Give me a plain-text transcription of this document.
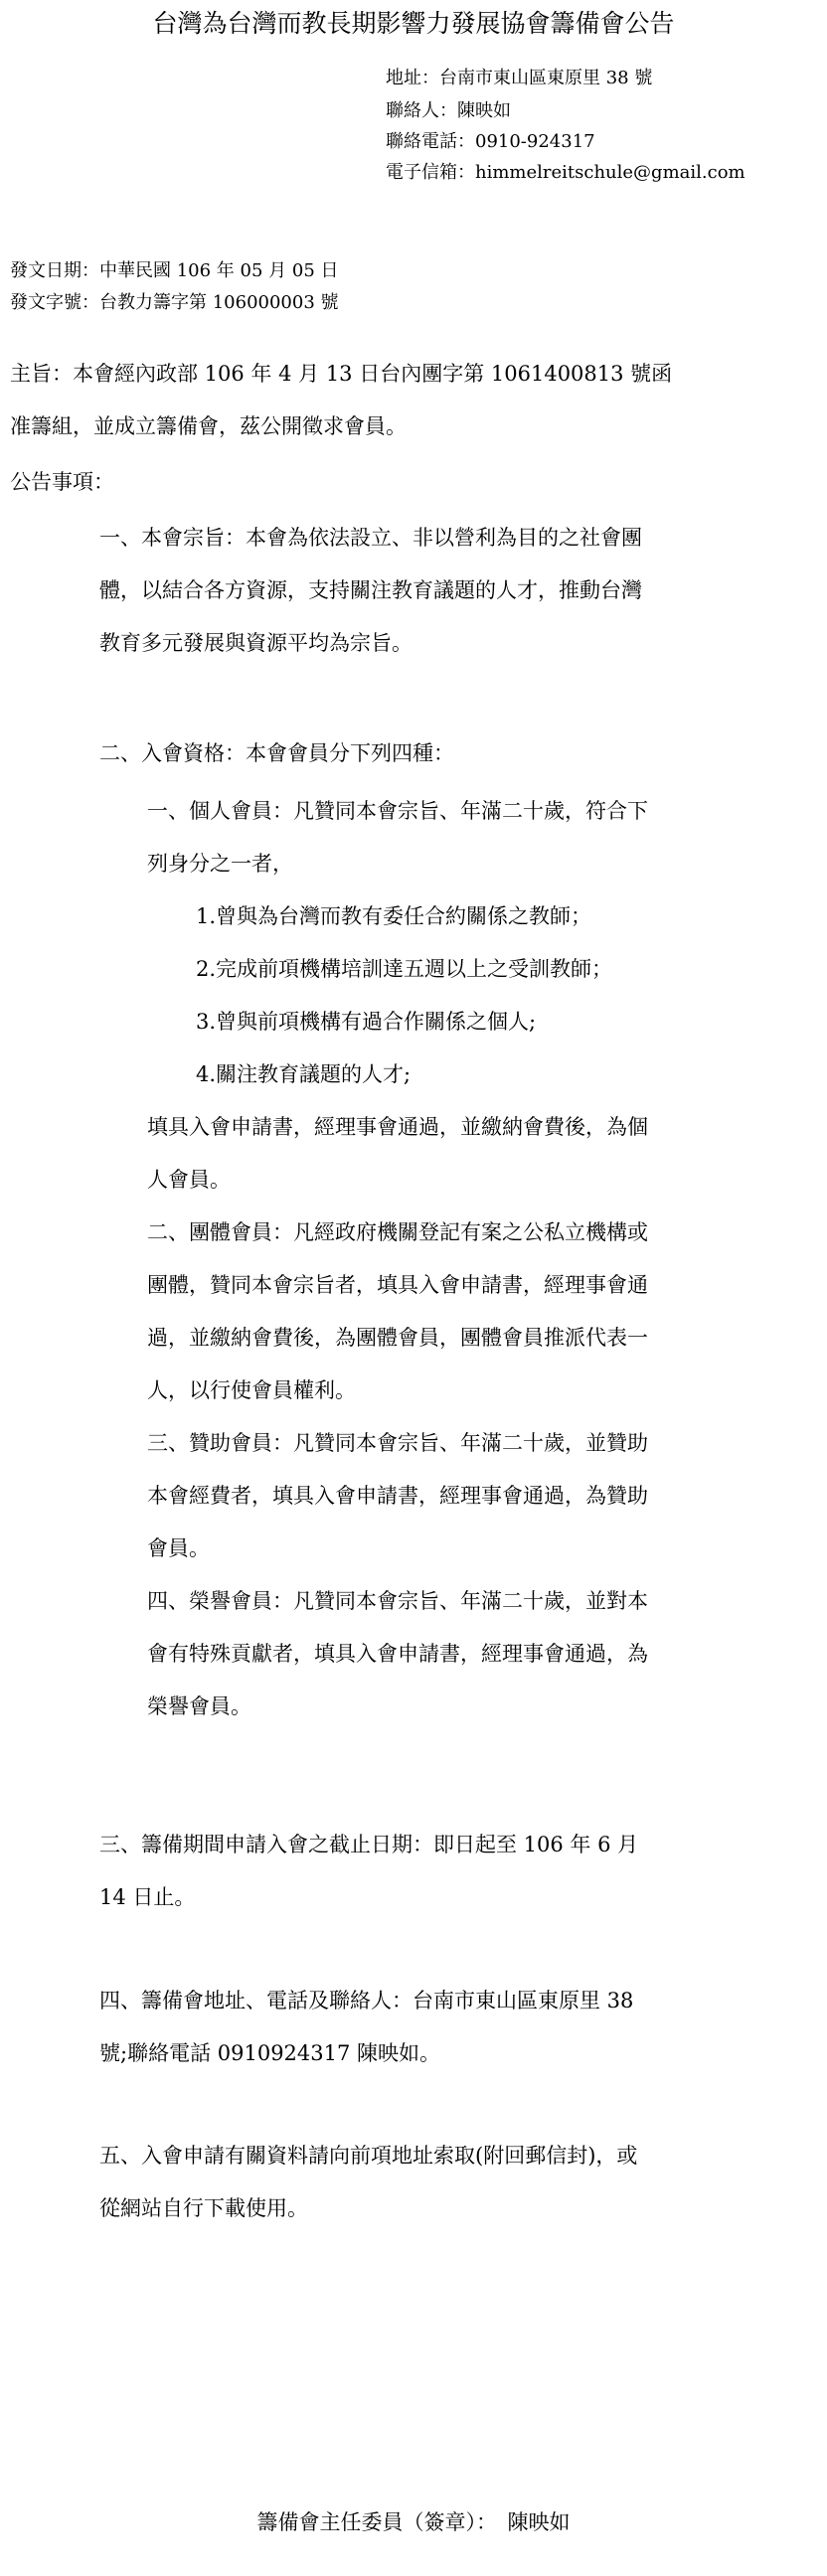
台灣為台灣而教長期影響力發展協會籌備會公告
地址：台南市東山區東原里 38 號
聯絡人：陳映如
聯絡電話：0910-924317
電子信箱：himmelreitschule@gmail.com
發文日期：中華民國 106 年 05 月 05 日
發文字號：台教力籌字第 106000003 號
主旨：本會經內政部 106 年 4 月 13 日台內團字第 1061400813 號函
准籌組，並成立籌備會，茲公開徵求會員。
公告事項：
一、本會宗旨：本會為依法設立、非以營利為目的之社會團
體，以結合各方資源，支持關注教育議題的人才，推動台灣
教育多元發展與資源平均為宗旨。
二、入會資格：本會會員分下列四種：
一、個人會員：凡贊同本會宗旨、年滿二十歲，符合下
列身分之一者，
1.曾與為台灣而教有委任合約關係之教師；
2.完成前項機構培訓達五週以上之受訓教師；
3.曾與前項機構有過合作關係之個人;
4.關注教育議題的人才;
填具入會申請書，經理事會通過，並繳納會費後，為個
人會員。
二、團體會員：凡經政府機關登記有案之公私立機構或
團體，贊同本會宗旨者，填具入會申請書，經理事會通
過，並繳納會費後，為團體會員，團體會員推派代表一
人，以行使會員權利。
三、贊助會員：凡贊同本會宗旨、年滿二十歲，並贊助
本會經費者，填具入會申請書，經理事會通過，為贊助
會員。
四、榮譽會員：凡贊同本會宗旨、年滿二十歲，並對本
會有特殊貢獻者，填具入會申請書，經理事會通過，為
榮譽會員。
三、籌備期間申請入會之截止日期：即日起至 106 年 6 月
14 日止。
四、籌備會地址、電話及聯絡人：台南市東山區東原里 38
號;聯絡電話 0910924317 陳映如。
五、入會申請有關資料請向前項地址索取(附回郵信封)，或
從網站自行下載使用。
籌備會主任委員（簽章）：　陳映如
